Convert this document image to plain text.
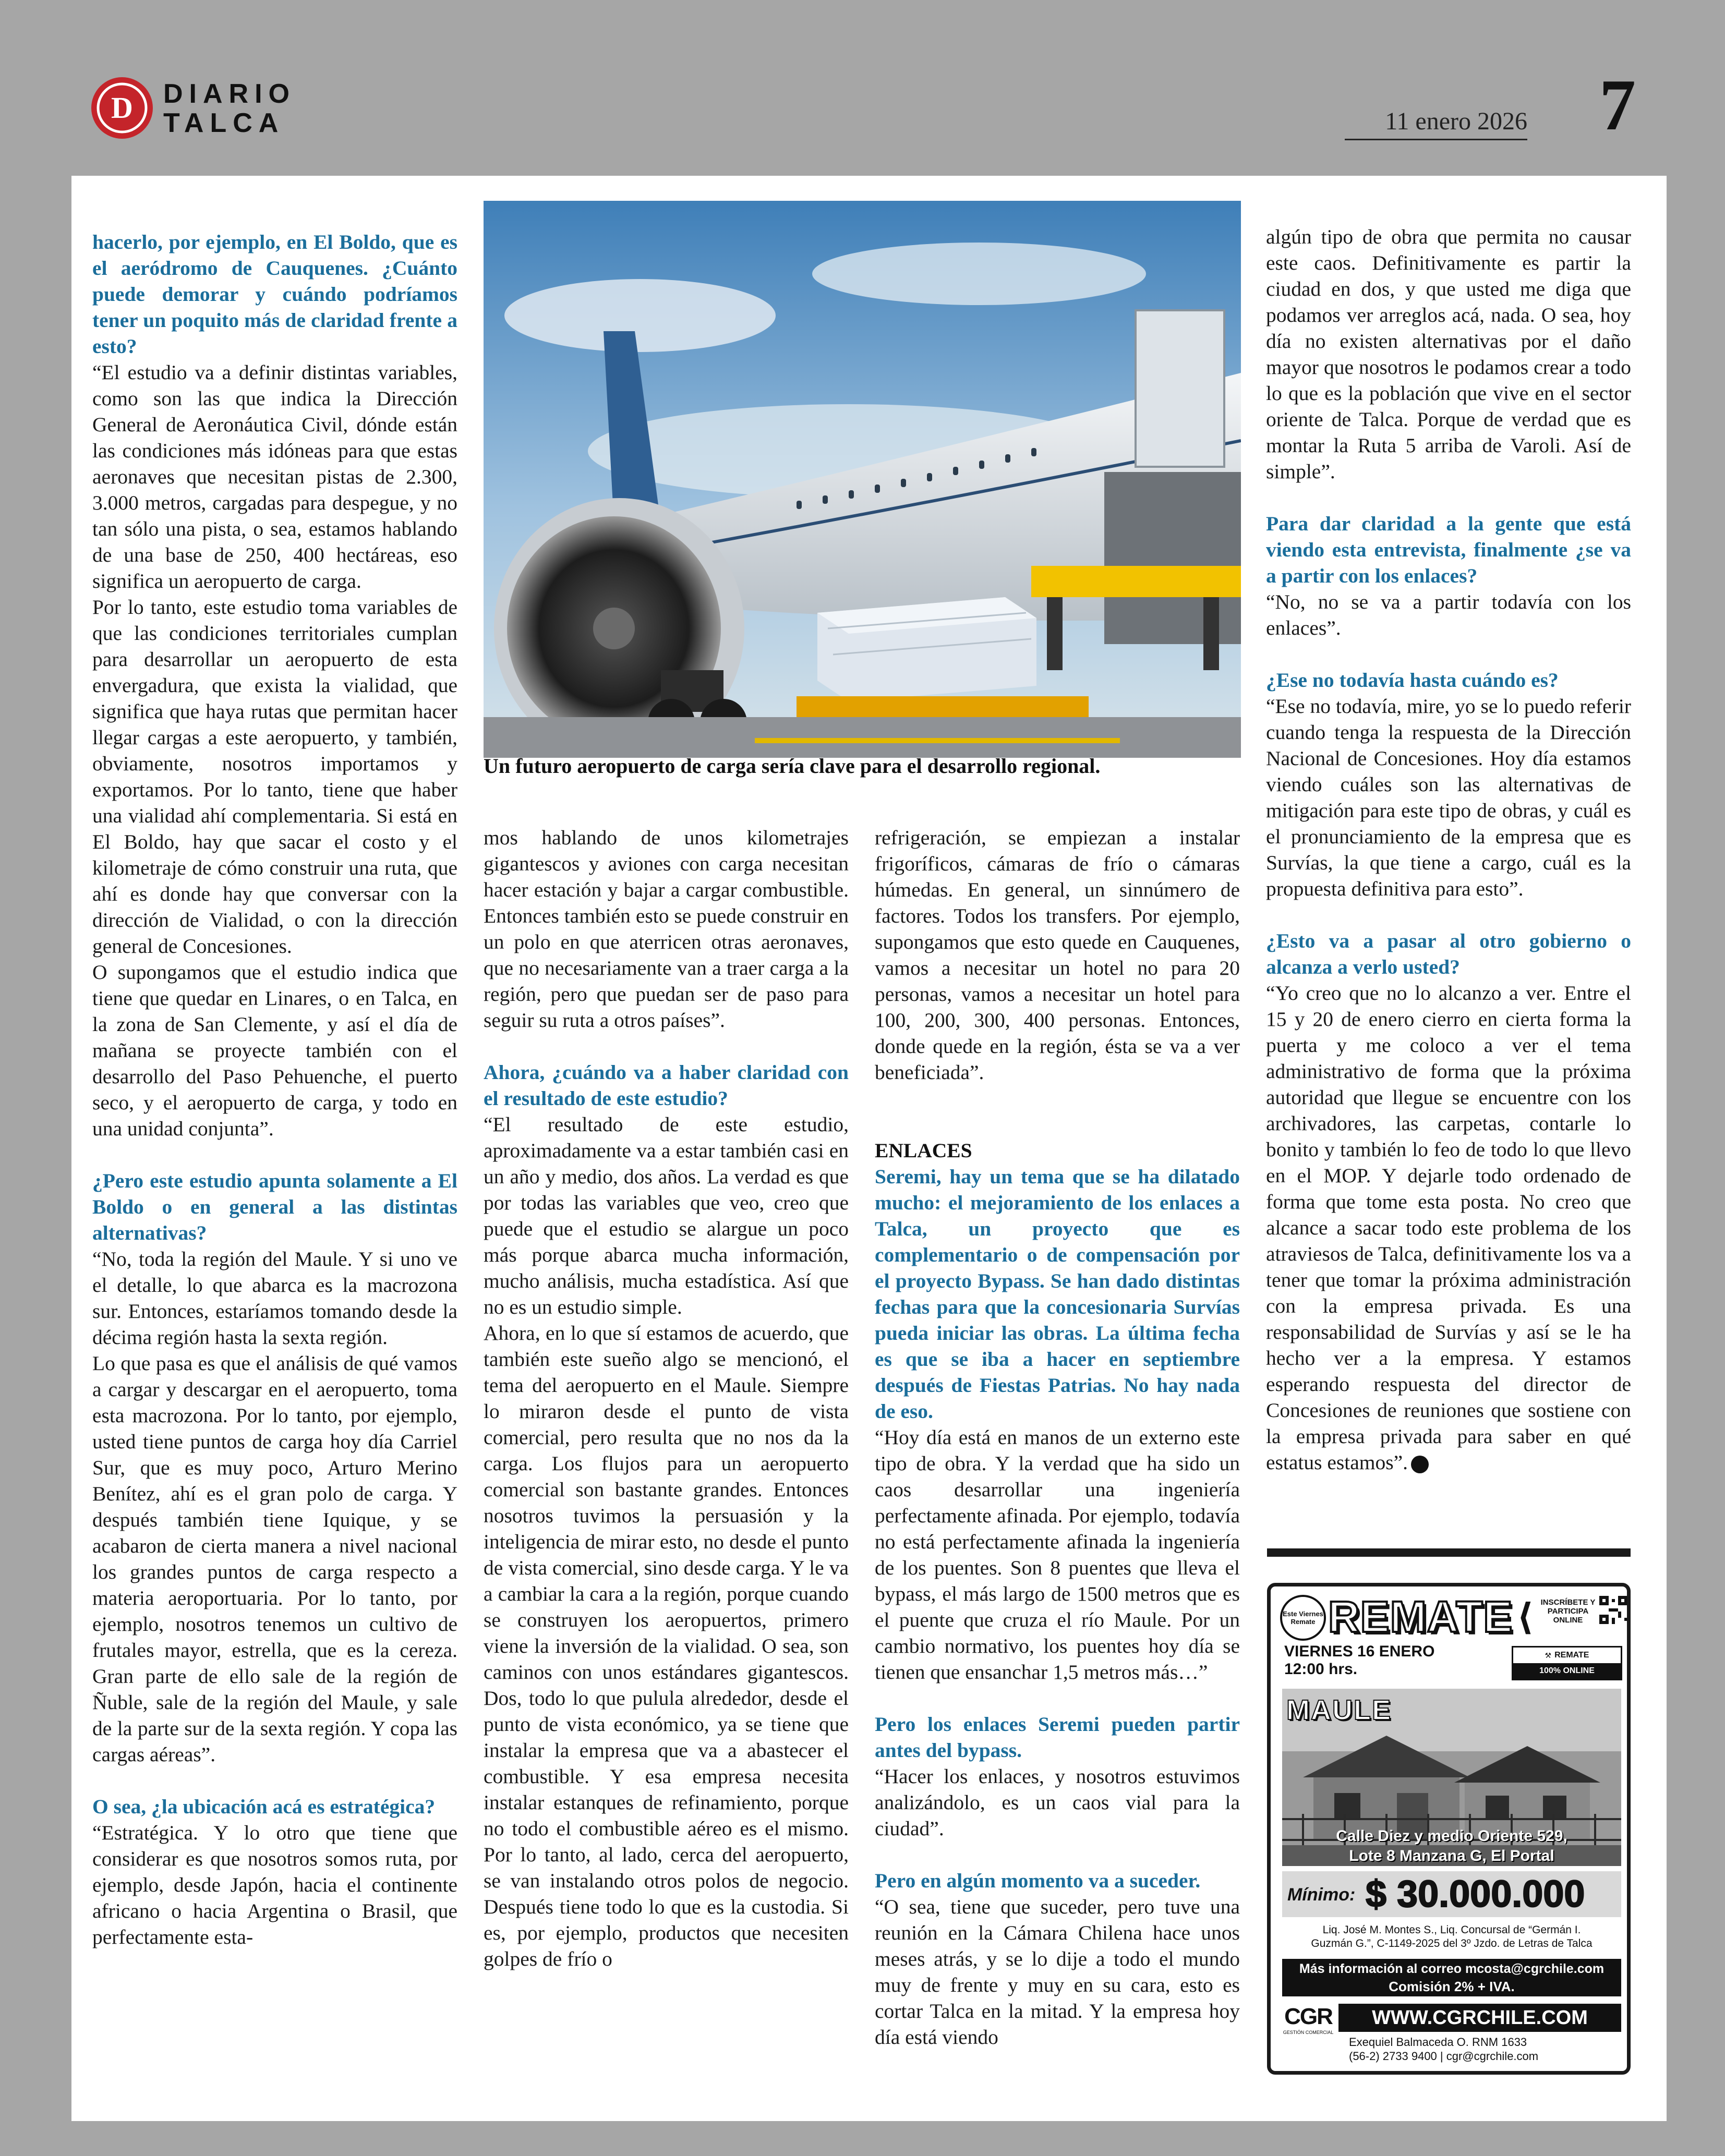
D DIARIO
TALCA	11 enero 2026 7
Un futuro aeropuerto de carga sería clave para el desarrollo regional.

hacerlo, por ejemplo, en El Boldo, que es el aeródromo de Cauquenes. ¿Cuánto puede demorar y cuándo podríamos tener un poquito más de claridad frente a esto?

“El estudio va a definir distintas variables, como son las que indica la Dirección General de Aeronáutica Civil, dónde están las condiciones más idóneas para que estas aeronaves que necesitan pistas de 2.300, 3.000 metros, cargadas para despegue, y no tan sólo una pista, o sea, estamos hablando de una base de 250, 400 hectáreas, eso significa un aeropuerto de carga.

Por lo tanto, este estudio toma variables de que las condiciones territoriales cumplan para desarrollar un aeropuerto de esta envergadura, que exista la vialidad, que significa que haya rutas que permitan hacer llegar cargas a este aeropuerto, y también, obviamente, nosotros importamos y exportamos. Por lo tanto, tiene que haber una vialidad ahí complementaria. Si está en El Boldo, hay que sacar el costo y el kilometraje de cómo construir una ruta, que ahí es donde hay que conversar con la dirección de Vialidad, o con la dirección general de Concesiones.

O supongamos que el estudio indica que tiene que quedar en Linares, o en Talca, en la zona de San Clemente, y así el día de mañana se proyecte también con el desarrollo del Paso Pehuenche, el puerto seco, y el aeropuerto de carga, y todo en una unidad conjunta”.

¿Pero este estudio apunta solamente a El Boldo o en general a las distintas alternativas?

“No, toda la región del Maule. Y si uno ve el detalle, lo que abarca es la macrozona sur. Entonces, estaríamos tomando desde la décima región hasta la sexta región.

Lo que pasa es que el análisis de qué vamos a cargar y descargar en el aeropuerto, toma esta macrozona. Por lo tanto, por ejemplo, usted tiene puntos de carga hoy día Carriel Sur, que es muy poco, Arturo Merino Benítez, ahí es el gran polo de carga. Y después también tiene Iquique, y se acabaron de cierta manera a nivel nacional los grandes puntos de carga respecto a materia aeroportuaria. Por lo tanto, por ejemplo, nosotros tenemos un cultivo de frutales mayor, estrella, que es la cereza. Gran parte de ello sale de la región de Ñuble, sale de la región del Maule, y sale de la parte sur de la sexta región. Y copa las cargas aéreas”.

O sea, ¿la ubicación acá es estratégica?

“Estratégica. Y lo otro que tiene que considerar es que nosotros somos ruta, por ejemplo, desde Japón, hacia el continente africano o hacia Argentina o Brasil, que perfectamente esta-

mos hablando de unos kilometrajes gigantescos y aviones con carga necesitan hacer estación y bajar a cargar combustible. Entonces también esto se puede construir en un polo en que aterricen otras aeronaves, que no necesariamente van a traer carga a la región, pero que puedan ser de paso para seguir su ruta a otros países”.

Ahora, ¿cuándo va a haber claridad con el resultado de este estudio?

“El resultado de este estudio, aproximadamente va a estar también casi en un año y medio, dos años. La verdad es que por todas las variables que veo, creo que puede que el estudio se alargue un poco más porque abarca mucha información, mucho análisis, mucha estadística. Así que no es un estudio simple.

Ahora, en lo que sí estamos de acuerdo, que también este sueño algo se mencionó, el tema del aeropuerto en el Maule. Siempre lo miraron desde el punto de vista comercial, pero resulta que no nos da la carga. Los flujos para un aeropuerto comercial son bastante grandes. Entonces nosotros tuvimos la persuasión y la inteligencia de mirar esto, no desde el punto de vista comercial, sino desde carga. Y le va a cambiar la cara a la región, porque cuando se construyen los aeropuertos, primero viene la inversión de la vialidad. O sea, son caminos con unos estándares gigantescos. Dos, todo lo que pulula alrededor, desde el punto de vista económico, ya se tiene que instalar la empresa que va a abastecer el combustible. Y esa empresa necesita instalar estanques de refinamiento, porque no todo el combustible aéreo es el mismo. Por lo tanto, al lado, cerca del aeropuerto, se van instalando otros polos de negocio. Después tiene todo lo que es la custodia. Si es, por ejemplo, productos que necesiten golpes de frío o

refrigeración, se empiezan a instalar frigoríficos, cámaras de frío o cámaras húmedas. En general, un sinnúmero de factores. Todos los transfers. Por ejemplo, supongamos que esto quede en Cauquenes, vamos a necesitar un hotel no para 20 personas, vamos a necesitar un hotel para 100, 200, 300, 400 personas. Entonces, donde quede en la región, ésta se va a ver beneficiada”.

ENLACES

Seremi, hay un tema que se ha dilatado mucho: el mejoramiento de los enlaces a Talca, un proyecto que es complementario o de compensación por el proyecto Bypass. Se han dado distintas fechas para que la concesionaria Survías pueda iniciar las obras. La última fecha es que se iba a hacer en septiembre después de Fiestas Patrias. No hay nada de eso.

“Hoy día está en manos de un externo este tipo de obra. Y la verdad que ha sido un caos desarrollar una ingeniería perfectamente afinada. Por ejemplo, todavía no está perfectamente afinada la ingeniería de los puentes. Son 8 puentes que lleva el bypass, el más largo de 1500 metros que es el puente que cruza el río Maule. Por un cambio normativo, los puentes hoy día se tienen que ensanchar 1,5 metros más…”

Pero los enlaces Seremi pueden partir antes del bypass.

“Hacer los enlaces, y nosotros estuvimos analizándolo, es un caos vial para la ciudad”.

Pero en algún momento va a suceder.

“O sea, tiene que suceder, pero tuve una reunión en la Cámara Chilena hace unos meses atrás, y se lo dije a todo el mundo muy de frente y muy en su cara, esto es cortar Talca en la mitad. Y la empresa hoy día está viendo

algún tipo de obra que permita no causar este caos. Definitivamente es partir la ciudad en dos, y que usted me diga que podamos ver arreglos acá, nada. O sea, hoy día no existen alternativas por el daño mayor que nosotros le podamos crear a todo lo que es la población que vive en el sector oriente de Talca. Porque de verdad que es montar la Ruta 5 arriba de Varoli. Así de simple”.

Para dar claridad a la gente que está viendo esta entrevista, finalmente ¿se va a partir con los enlaces?

“No, no se va a partir todavía con los enlaces”.

¿Ese no todavía hasta cuándo es?

“Ese no todavía, mire, yo se lo puedo referir cuando tenga la respuesta de la Dirección Nacional de Concesiones. Hoy día estamos viendo cuáles son las alternativas de mitigación para este tipo de obras, y cuál es el pronunciamiento de la empresa que es Survías, la que tiene a cargo, cuál es la propuesta definitiva para esto”.

¿Esto va a pasar al otro gobierno o alcanza a verlo usted?

“Yo creo que no lo alcanzo a ver. Entre el 15 y 20 de enero cierro en cierta forma la puerta y me coloco a ver el tema administrativo de forma que la próxima autoridad que llegue se encuentre con los archivadores, las carpetas, contarle lo bonito y también lo feo de todo lo que llevo en el MOP. Y dejarle todo ordenado de forma que tome esta posta. No creo que alcance a sacar todo este problema de los atraviesos de Talca, definitivamente los va a tener que tomar la próxima administración con la empresa privada. Es una responsabilidad de Survías y así se le ha hecho ver a la empresa. Y estamos esperando respuesta del director de Concesiones de reuniones que sostiene con la empresa privada para saber en qué estatus estamos”.

Este Viernes Remate REMATE ⟨ INSCRÍBETE Y PARTICIPA ONLINE
VIERNES 16 ENERO
12:00 hrs.
⚒ REMATE
100% ONLINE
MAULE
Calle Diez y medio Oriente 529,
Lote 8 Manzana G, El Portal
Mínimo: $ 30.000.000
Liq. José M. Montes S., Liq. Concursal de “Germán I.
Guzmán G.”, C-1149-2025 del 3º Jzdo. de Letras de Talca
Más información al correo mcosta@cgrchile.com
Comisión 2% + IVA.
CGR
GESTIÓN COMERCIAL
WWW.CGRCHILE.COM
Exequiel Balmaceda O. RNM 1633
(56-2) 2733 9400 | cgr@cgrchile.com
